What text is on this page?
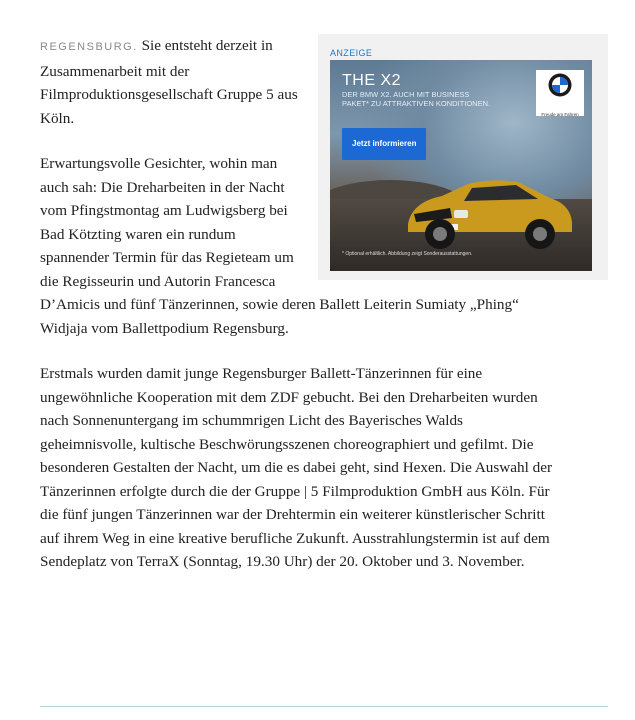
ANZEIGE
THE X2
DER BMW X2. AUCH MIT BUSINESS PAKET* ZU ATTRAKTIVEN KONDITIONEN.
Jetzt informieren
Freude am Fahren
* Optional erhältlich. Abbildung zeigt Sonderausstattungen.

REGENSBURG. Sie entsteht derzeit in Zusammenarbeit mit der Filmproduktionsgesellschaft Gruppe 5 aus Köln.

Erwartungsvolle Gesichter, wohin man auch sah: Die Dreharbeiten in der Nacht vom Pfingstmontag am Ludwigsberg bei Bad Kötzting waren ein rundum spannender Termin für das Regieteam um die Regisseurin und Autorin Francesca D’Amicis und fünf Tänzerinnen, sowie deren Ballett Leiterin Sumiaty „Phing“ Widjaja vom Ballettpodium Regensburg.

Erstmals wurden damit junge Regensburger Ballett-Tänzerinnen für eine ungewöhnliche Kooperation mit dem ZDF gebucht. Bei den Dreharbeiten wurden nach Sonnenuntergang im schummrigen Licht des Bayerisches Walds geheimnisvolle, kultische Beschwörungsszenen choreographiert und gefilmt. Die besonderen Gestalten der Nacht, um die es dabei geht, sind Hexen. Die Auswahl der Tänzerinnen erfolgte durch die der Gruppe | 5 Filmproduktion GmbH aus Köln. Für die fünf jungen Tänzerinnen war der Drehtermin ein weiterer künstlerischer Schritt auf ihrem Weg in eine kreative berufliche Zukunft. Ausstrahlungstermin ist auf dem Sendeplatz von TerraX (Sonntag, 19.30 Uhr) der 20. Oktober und 3. November.
